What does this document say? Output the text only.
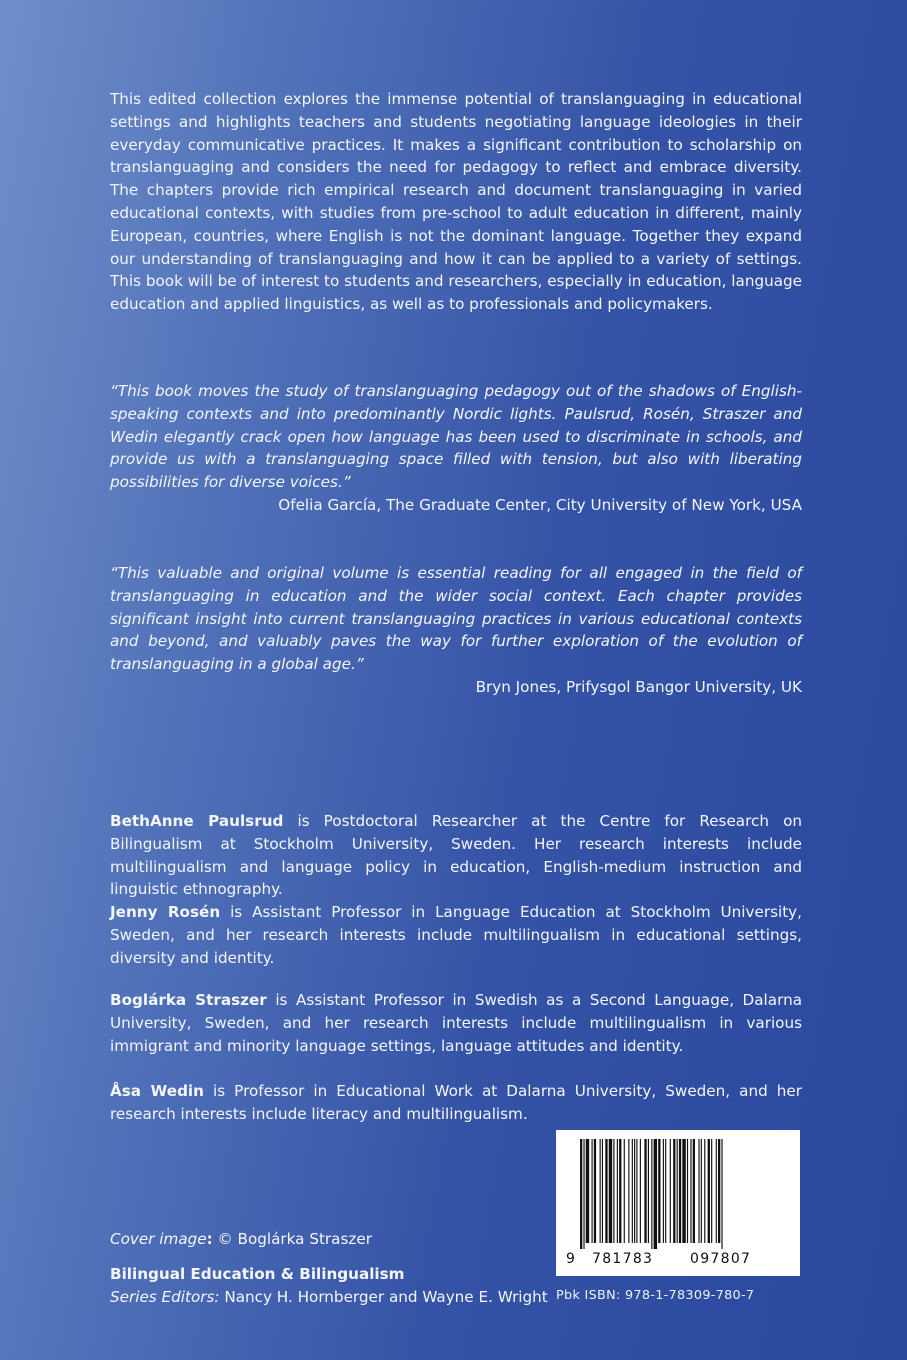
This edited collection explores the immense potential of translanguaging in educational settings and highlights teachers and students negotiating language ideologies in their everyday communicative practices. It makes a significant contribution to scholarship on translanguaging and considers the need for pedagogy to reflect and embrace diversity. The chapters provide rich empirical research and document translanguaging in varied educational contexts, with studies from pre-school to adult education in different, mainly European, countries, where English is not the dominant language. Together they expand our understanding of translanguaging and how it can be applied to a variety of settings. This book will be of interest to students and researchers, especially in education, language education and applied linguistics, as well as to professionals and policymakers.

“This book moves the study of translanguaging pedagogy out of the shadows of English-speaking contexts and into predominantly Nordic lights. Paulsrud, Rosén, Straszer and Wedin elegantly crack open how language has been used to discriminate in schools, and provide us with a translanguaging space filled with tension, but also with liberating possibilities for diverse voices.”

Ofelia García, The Graduate Center, City University of New York, USA

“This valuable and original volume is essential reading for all engaged in the field of translanguaging in education and the wider social context. Each chapter provides significant insight into current translanguaging practices in various educational contexts and beyond, and valuably paves the way for further exploration of the evolution of translanguaging in a global age.”

Bryn Jones, Prifysgol Bangor University, UK

BethAnne Paulsrud is Postdoctoral Researcher at the Centre for Research on Bilingualism at Stockholm University, Sweden. Her research interests include multilingualism and language policy in education, English-medium instruction and linguistic ethnography.

Jenny Rosén is Assistant Professor in Language Education at Stockholm University, Sweden, and her research interests include multilingualism in educational settings, diversity and identity.

Boglárka Straszer is Assistant Professor in Swedish as a Second Language, Dalarna University, Sweden, and her research interests include multilingualism in various immigrant and minority language settings, language attitudes and identity.

Åsa Wedin is Professor in Educational Work at Dalarna University, Sweden, and her research interests include literacy and multilingualism.

Cover image: © Boglárka Straszer
Bilingual Education & Bilingualism
Series Editors: Nancy H. Hornberger and Wayne E. Wright
9 781783	097807
Pbk ISBN: 978-1-78309-780-7
